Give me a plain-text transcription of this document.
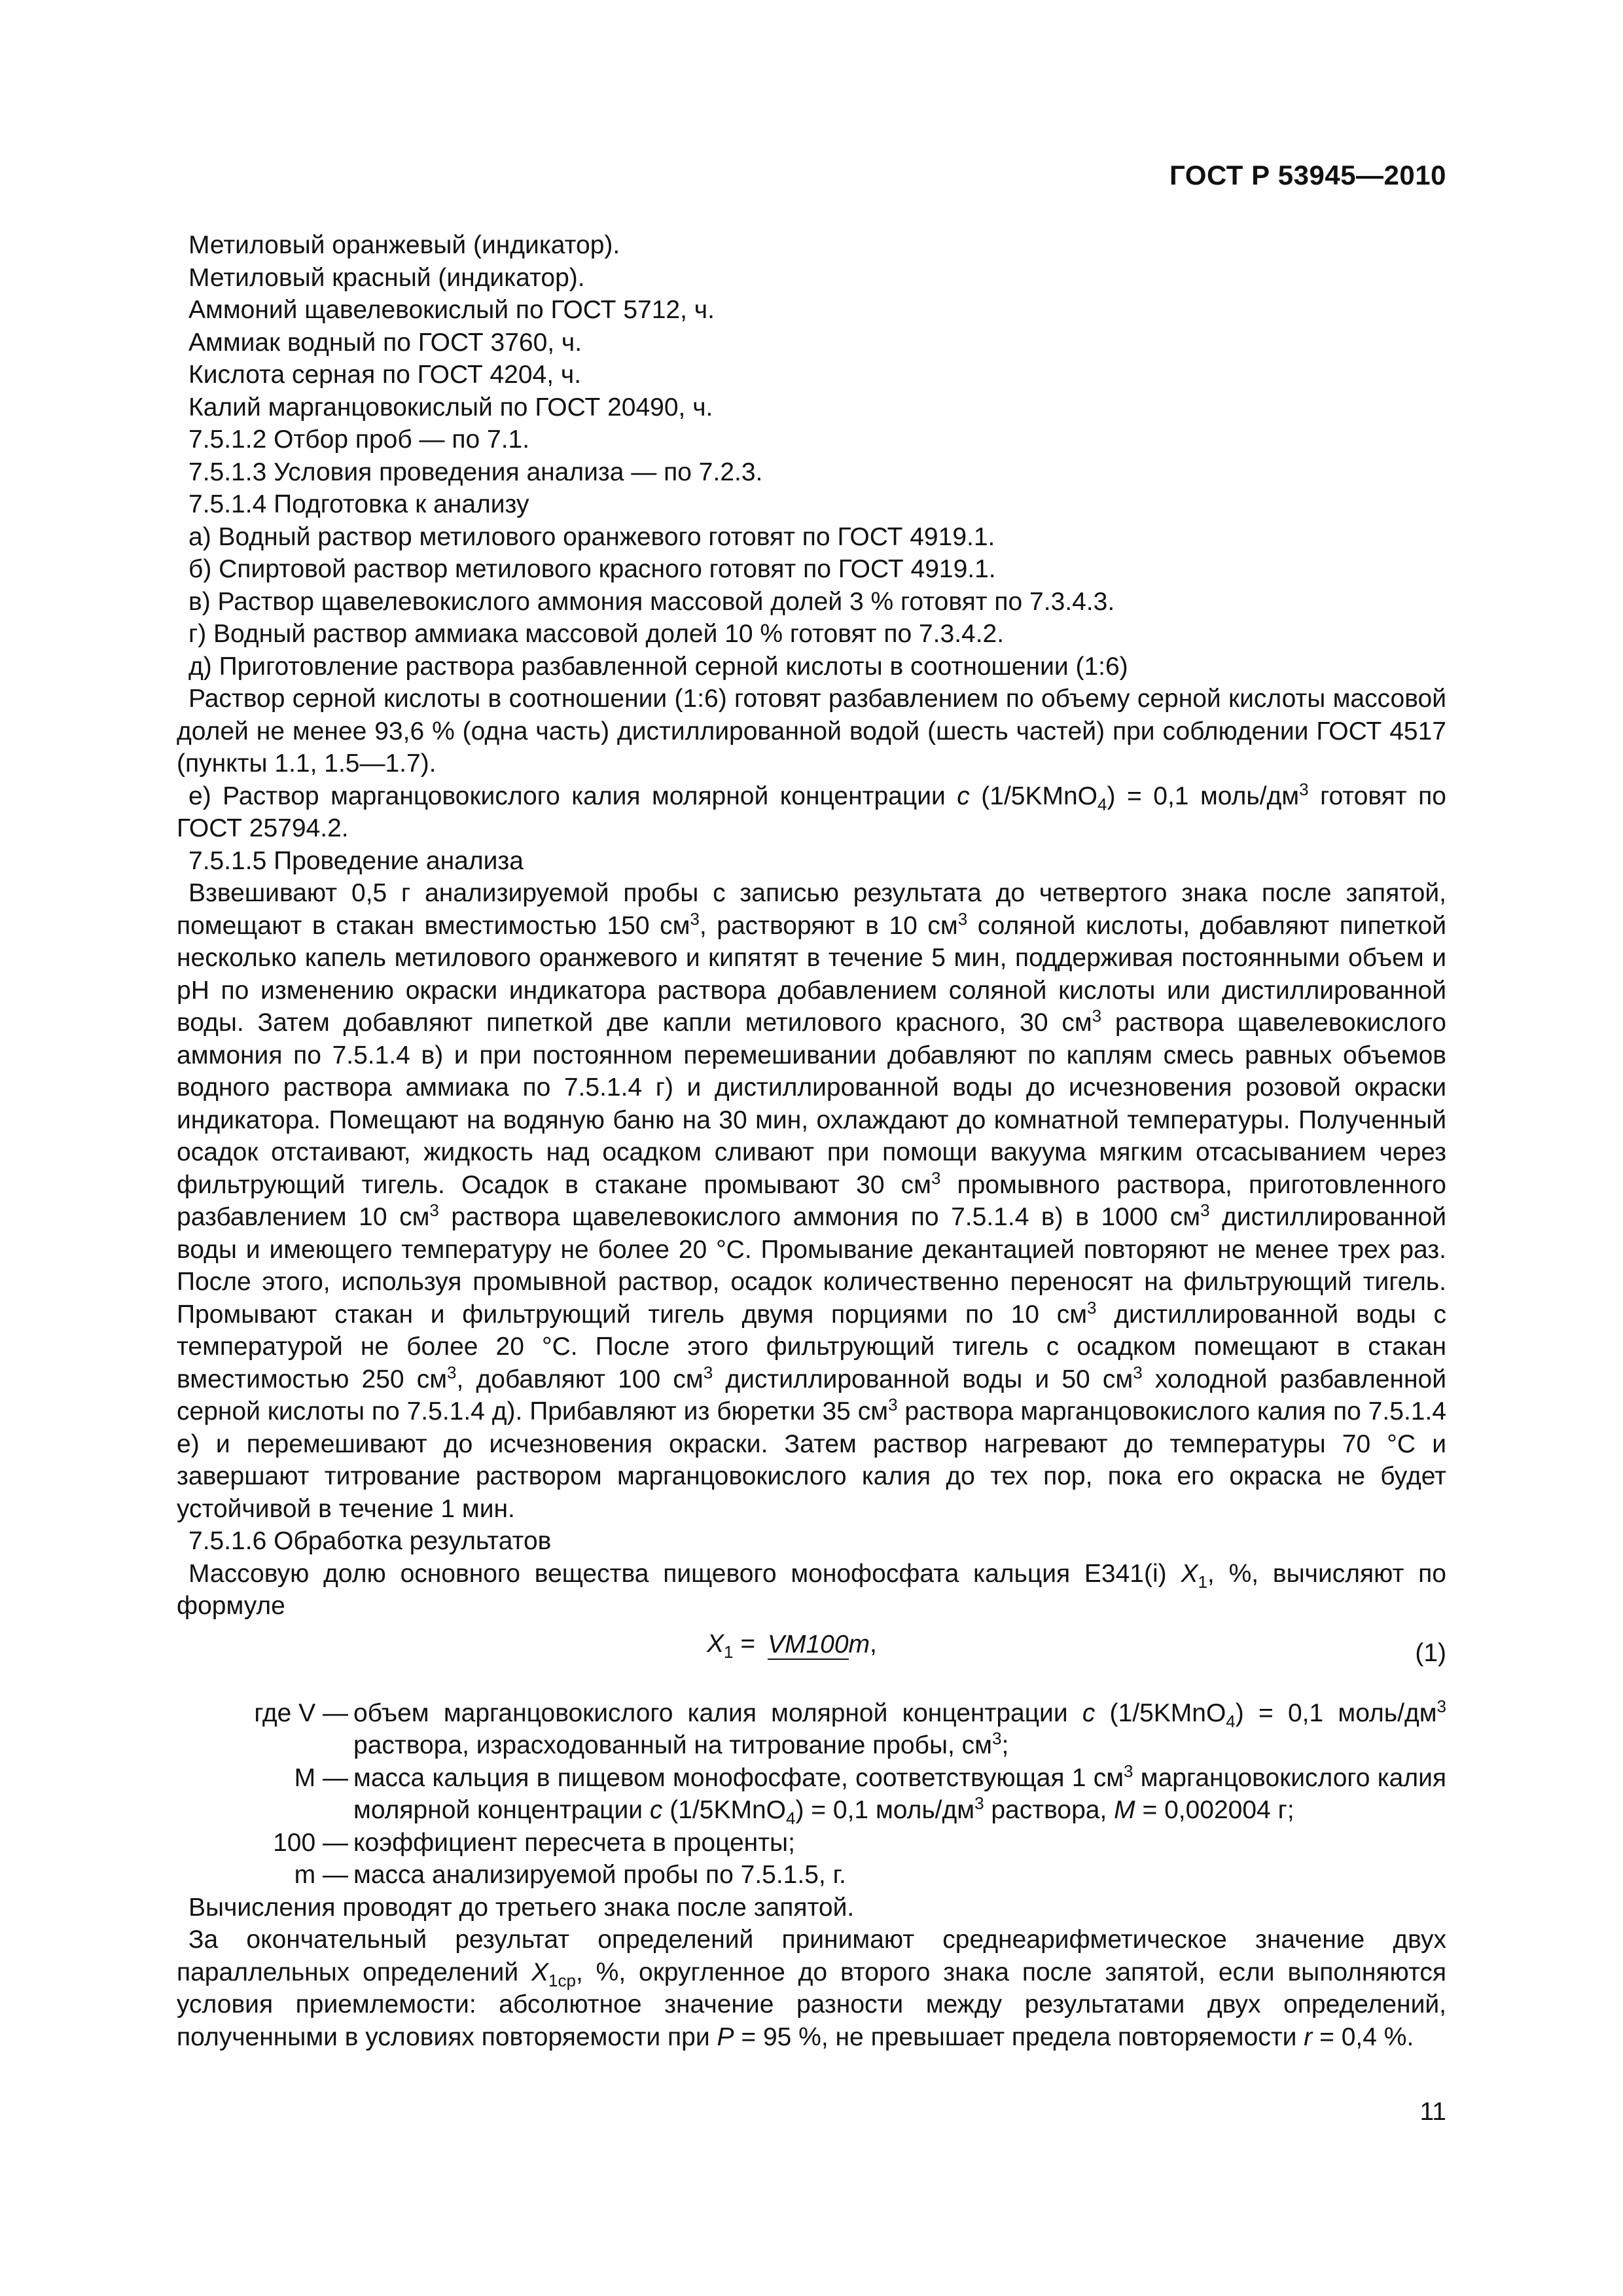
ГОСТ Р 53945—2010
Метиловый оранжевый (индикатор).
Метиловый красный (индикатор).
Аммоний щавелевокислый по ГОСТ 5712, ч.
Аммиак водный по ГОСТ 3760, ч.
Кислота серная по ГОСТ 4204, ч.
Калий марганцовокислый по ГОСТ 20490, ч.
7.5.1.2 Отбор проб — по 7.1.
7.5.1.3 Условия проведения анализа — по 7.2.3.
7.5.1.4 Подготовка к анализу
а) Водный раствор метилового оранжевого готовят по ГОСТ 4919.1.
б) Спиртовой раствор метилового красного готовят по ГОСТ 4919.1.
в) Раствор щавелевокислого аммония массовой долей 3 % готовят по 7.3.4.3.
г) Водный раствор аммиака массовой долей 10 % готовят по 7.3.4.2.
д) Приготовление раствора разбавленной серной кислоты в соотношении (1:6)
Раствор серной кислоты в соотношении (1:6) готовят разбавлением по объему серной кислоты массовой долей не менее 93,6 % (одна часть) дистиллированной водой (шесть частей) при соблюдении ГОСТ 4517 (пункты 1.1, 1.5—1.7).
е) Раствор марганцовокислого калия молярной концентрации с (1/5KMnO$_4$) = 0,1 моль/$дм^3$ готовят по ГОСТ 25794.2.
7.5.1.5 Проведение анализа
Взвешивают 0,5 г анализируемой пробы с записью результата до четвертого знака после запятой, помещают в стакан вместимостью 150 $см^3$, растворяют в 10 $см^3$ соляной кислоты, добавляют пипеткой несколько капель метилового оранжевого и кипятят в течение 5 мин, поддерживая постоянными объем и pH по изменению окраски индикатора раствора добавлением соляной кислоты или дистиллированной воды. Затем добавляют пипеткой две капли метилового красного, 30 $см^3$ раствора щавелевокислого аммония по 7.5.1.4 в) и при постоянном перемешивании добавляют по каплям смесь равных объемов водного раствора аммиака по 7.5.1.4 г) и дистиллированной воды до исчезновения розовой окраски индикатора. Помещают на водяную баню на 30 мин, охлаждают до комнатной температуры. Полученный осадок отстаивают, жидкость над осадком сливают при помощи вакуума мягким отсасыванием через фильтрующий тигель. Осадок в стакане промывают 30 $см^3$ промывного раствора, приготовленного разбавлением 10 $см^3$ раствора щавелевокислого аммония по 7.5.1.4 в) в 1000 $см^3$ дистиллированной воды и имеющего температуру не более 20 °С. Промывание декантацией повторяют не менее трех раз. После этого, используя промывной раствор, осадок количественно переносят на фильтрующий тигель. Промывают стакан и фильтрующий тигель двумя порциями по 10 $см^3$ дистиллированной воды с температурой не более 20 °С. После этого фильтрующий тигель с осадком помещают в стакан вместимостью 250 $см^3$, добавляют 100 $см^3$ дистиллированной воды и 50 $см^3$ холодной разбавленной серной кислоты по 7.5.1.4 д). Прибавляют из бюретки 35 $см^3$ раствора марганцовокислого калия по 7.5.1.4 е) и перемешивают до исчезновения окраски. Затем раствор нагревают до температуры 70 °С и завершают титрование раствором марганцовокислого калия до тех пор, пока его окраска не будет устойчивой в течение 1 мин.
7.5.1.6 Обработка результатов
Массовую долю основного вещества пищевого монофосфата кальция Е341(i) $X_1$, %, вычисляют по формуле
$X_1 = VM100m$,	(1)
где V — объем марганцовокислого калия молярной концентрации с (1/5KMnO$_4$) = 0,1 моль/$дм^3$ раствора, израсходованный на титрование пробы, $см^3$;
M — масса кальция в пищевом монофосфате, соответствующая 1 $см^3$ марганцовокислого калия молярной концентрации с (1/5KMnO$_4$) = 0,1 моль/$дм^3$ раствора, M = 0,002004 г;
100 — коэффициент пересчета в проценты;
m — масса анализируемой пробы по 7.5.1.5, г.
Вычисления проводят до третьего знака после запятой.
За окончательный результат определений принимают среднеарифметическое значение двух параллельных определений $X_{1ср}$, %, округленное до второго знака после запятой, если выполняются условия приемлемости: абсолютное значение разности между результатами двух определений, полученными в условиях повторяемости при P = 95 %, не превышает предела повторяемости r = 0,4 %.
11
